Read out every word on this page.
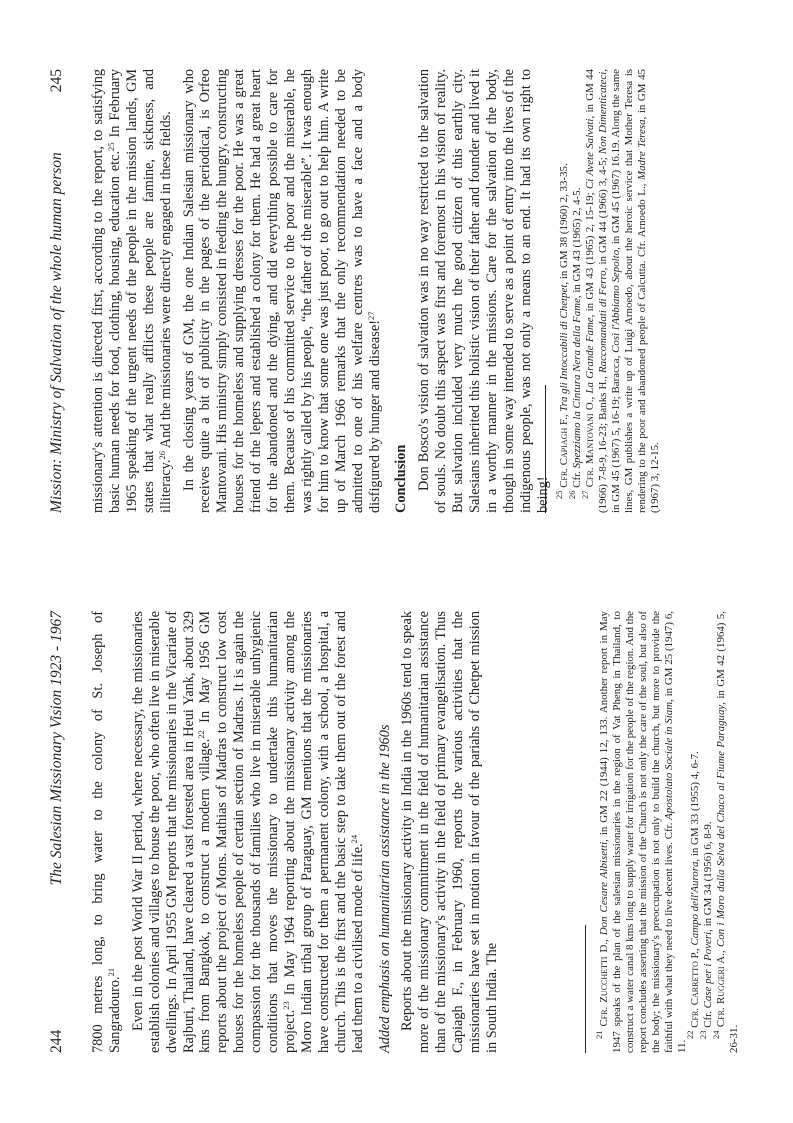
244
The Salesian Missionary Vision 1923 - 1967 7800 metres long, to bring water to the colony of St. Joseph of Sangradouro.$^{21}$ Even in the post World War II period, where necessary, the missionaries establish colonies and villages to house the poor, who often live in miserable dwellings. In April 1955 GM reports that the missionaries in the Vicariate of Rajburi, Thailand, have cleared a vast forested area in Heui Yank, about 329 kms from Bangkok, to construct a modern village.$^{22}$ In May 1956 GM reports about the project of Mons. Mathias of Madras to construct low cost houses for the homeless people of certain section of Madras. It is again the compassion for the thousands of families who live in miserable unhygienic conditions that moves the missionary to undertake this humanitarian project.$^{23}$ In May 1964 reporting about the missionary activity among the Moro Indian tribal group of Paraguay, GM mentions that the missionaries have constructed for them a permanent colony, with a school, a hospital, a church. This is the first and the basic step to take them out of the forest and lead them to a civilised mode of life.$^{24}$	Added emphasis on humanitarian assistance in the 1960s Reports about the missionary activity in India in the 1960s tend to speak more of the missionary commitment in the field of humanitarian assistance than of the missionary's activity in the field of primary evangelisation. Thus Capiagh F., in February 1960, reports the various activities that the missionaries have set in motion in favour of the pariahs of Chetpet mission in South India. The	$^{21}$ Cfr. Zucchetti D., Don Cesare Albisetti, in GM 22 (1944) 12, 133. Another report in May 1947 speaks of the plan of the salesian missionaries in the region of Vat Pheng in Thailand, to construct a water canal 8 kms long to supply water for irrigation for the people of the region. And the report concludes asserting that the mission of the Church is not only the care of the soul, but also of the body; the missionary's preoccupation is not only to build the church, but more to provide the faithful with what they need to live decent lives. Cfr. Apostolato Sociale in Siam, in GM 25 (1947) 6, 11.

$^{22}$ Cfr. Carretto P., Campo dell'Aurora, in GM 33 (1955) 4, 6-7.

$^{23}$ Cfr. Case per i Poveri, in GM 34 (1956) 6, 8-9.

$^{24}$ Cfr. Ruggeri A., Con i Moro dalla Selva del Chaco al Fiume Paraguay, in GM 42 (1964) 5, 26-31.

Mission: Ministry of Salvation of the whole human person
245 missionary's attention is directed first, according to the report, to satisfying basic human needs for food, clothing, housing, education etc.$^{25}$ In February 1965 speaking of the urgent needs of the people in the mission lands, GM states that what really afflicts these people are famine, sickness, and illiteracy.$^{26}$ And the missionaries were directly engaged in these fields. In the closing years of GM, the one Indian Salesian missionary who receives quite a bit of publicity in the pages of the periodical, is Orfeo Mantovani. His ministry simply consisted in feeding the hungry, constructing houses for the homeless and supplying dresses for the poor. He was a great friend of the lepers and established a colony for them. He had a great heart for the abandoned and the dying, and did everything possible to care for them. Because of his committed service to the poor and the miserable, he was rightly called by his people, “the father of the miserable”. It was enough for him to know that some one was just poor, to go out to help him. A write up of March 1966 remarks that the only recommendation needed to be admitted to one of his welfare centres was to have a face and a body disfigured by hunger and disease!$^{27}$

Conclusion Don Bosco's vision of salvation was in no way restricted to the salvation of souls. No doubt this aspect was first and foremost in his vision of reality. But salvation included very much the good citizen of this earthly city. Salesians inherited this holistic vision of their father and founder and lived it in a worthy manner in the missions. Care for the salvation of the body, though in some way intended to serve as a point of entry into the lives of the indigenous people, was not only a means to an end. It had its own right to being! $^{25}$ Cfr. Capiagh F., Tra gli Intoccabili di Chetpet, in GM 38 (1960) 2, 33-35.

$^{26}$ Cfr. Spezziamo la Cintura Nera della Fame, in GM 43 (1965) 2, 4-5.

$^{27}$ Cfr. Mantovani O., La Grande Fame, in GM 43 (1965) 2, 15-19; Ci Avete Salvati, in GM 44 (1966) 7-8-9, 16-23; Banks H., Raccomandati di Ferro, in GM 44 (1966) 3, 4-5; Non Dimenticateci, in GM 45 (1967) 5, 16-19; Baracca, Così l'Abbiamo Sepolto, in GM 45 (1967) 16.19. Along the same lines, GM publishes a write up of Luigi Arnoedo, about the heroic service that Mother Teresa is rendering to the poor and abandoned people of Calcutta. Cfr. Arnoedo L., Madre Teresa, in GM 45 (1967) 3, 12-15.
